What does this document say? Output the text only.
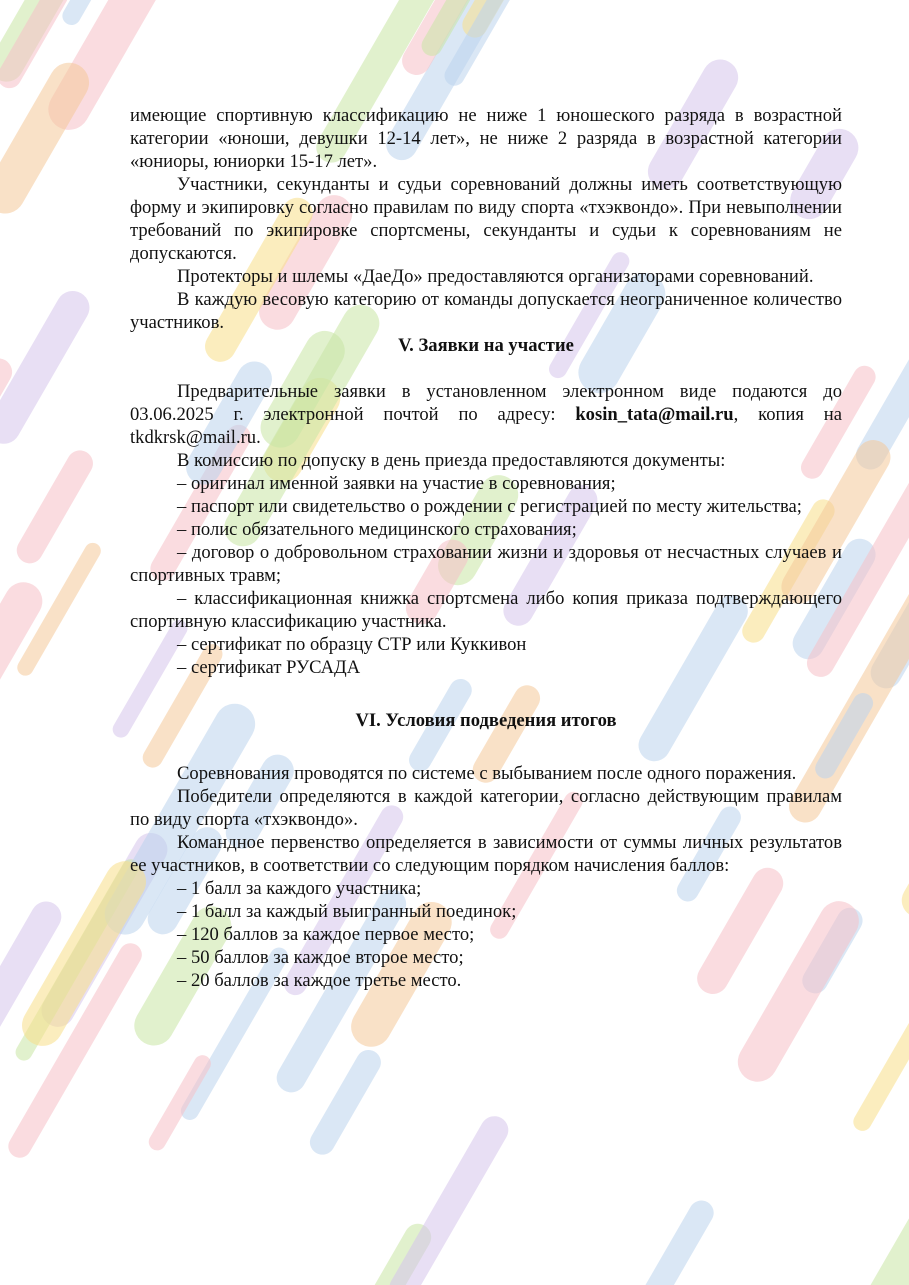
имеющие спортивную классификацию не ниже 1 юношеского разряда в возрастной категории «юноши, девушки 12-14 лет», не ниже 2 разряда в возрастной категории «юниоры, юниорки 15-17 лет».

Участники, секунданты и судьи соревнований должны иметь соответствующую форму и экипировку согласно правилам по виду спорта «тхэквондо». При невыполнении требований по экипировке спортсмены, секунданты и судьи к соревнованиям не допускаются.

Протекторы и шлемы «ДаеДо» предоставляются организаторами соревнований.

В каждую весовую категорию от команды допускается неограниченное количество участников.

V. Заявки на участие

Предварительные заявки в установленном электронном виде подаются до 03.06.2025 г. электронной почтой по адресу: kosin_tata@mail.ru, копия на tkdkrsk@mail.ru.

В комиссию по допуску в день приезда предоставляются документы:

– оригинал именной заявки на участие в соревнования;

– паспорт или свидетельство о рождении с регистрацией по месту жительства;

– полис обязательного медицинского страхования;

– договор о добровольном страховании жизни и здоровья от несчастных случаев и спортивных травм;

– классификационная книжка спортсмена либо копия приказа подтверждающего спортивную классификацию участника.

– сертификат по образцу СТР или Куккивон

– сертификат РУСАДА

VI. Условия подведения итогов

Соревнования проводятся по системе с выбыванием после одного поражения.

Победители определяются в каждой категории, согласно действующим правилам по виду спорта «тхэквондо».

Командное первенство определяется в зависимости от суммы личных результатов ее участников, в соответствии со следующим порядком начисления баллов:

– 1 балл за каждого участника;

– 1 балл за каждый выигранный поединок;

– 120 баллов за каждое первое место;

– 50 баллов за каждое второе место;

– 20 баллов за каждое третье место.
